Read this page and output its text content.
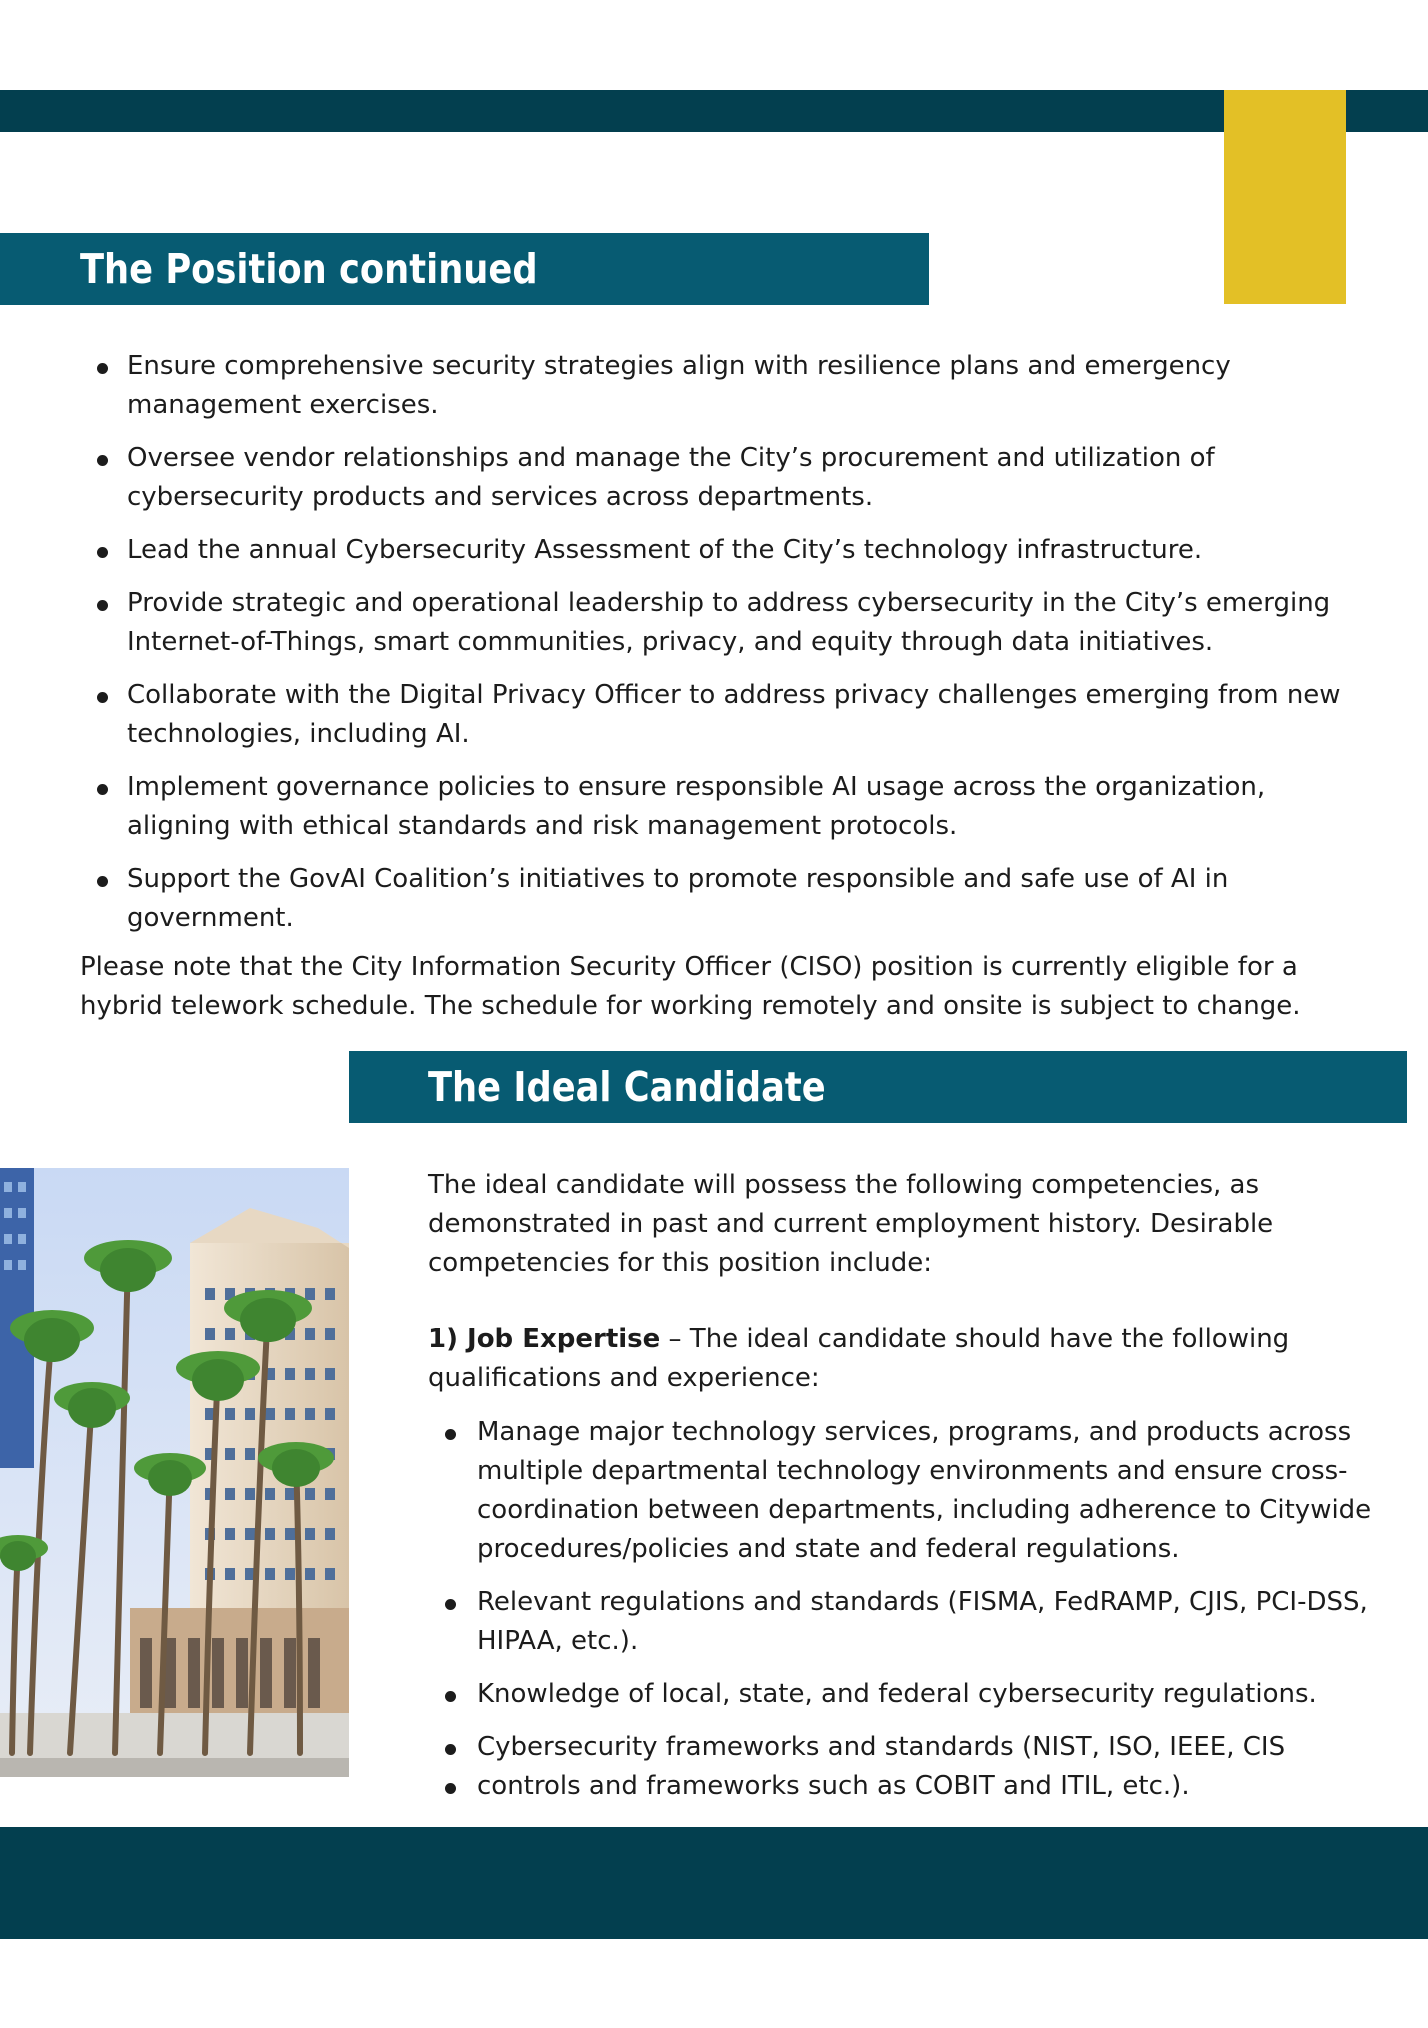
The Position continued
Ensure comprehensive security strategies align with resilience plans and emergency management exercises.
Oversee vendor relationships and manage the City’s procurement and utilization of cybersecurity products and services across departments.
Lead the annual Cybersecurity Assessment of the City’s technology infrastructure.
Provide strategic and operational leadership to address cybersecurity in the City’s emerging Internet-of-Things, smart communities, privacy, and equity through data initiatives.
Collaborate with the Digital Privacy Officer to address privacy challenges emerging from new technologies, including AI.
Implement governance policies to ensure responsible AI usage across the organization, aligning with ethical standards and risk management protocols.
Support the GovAI Coalition’s initiatives to promote responsible and safe use of AI in government.

Please note that the City Information Security Officer (CISO) position is currently eligible for a hybrid telework schedule. The schedule for working remotely and onsite is subject to change.

The Ideal Candidate

The ideal candidate will possess the following competencies, as demonstrated in past and current employment history. Desirable competencies for this position include:

1) Job Expertise – The ideal candidate should have the following qualifications and experience:

Manage major technology services, programs, and products across multiple departmental technology environments and ensure cross-coordination between departments, including adherence to Citywide procedures/policies and state and federal regulations.
Relevant regulations and standards (FISMA, FedRAMP, CJIS, PCI-DSS, HIPAA, etc.).
Knowledge of local, state, and federal cybersecurity regulations.
Cybersecurity frameworks and standards (NIST, ISO, IEEE, CIS
controls and frameworks such as COBIT and ITIL, etc.).
